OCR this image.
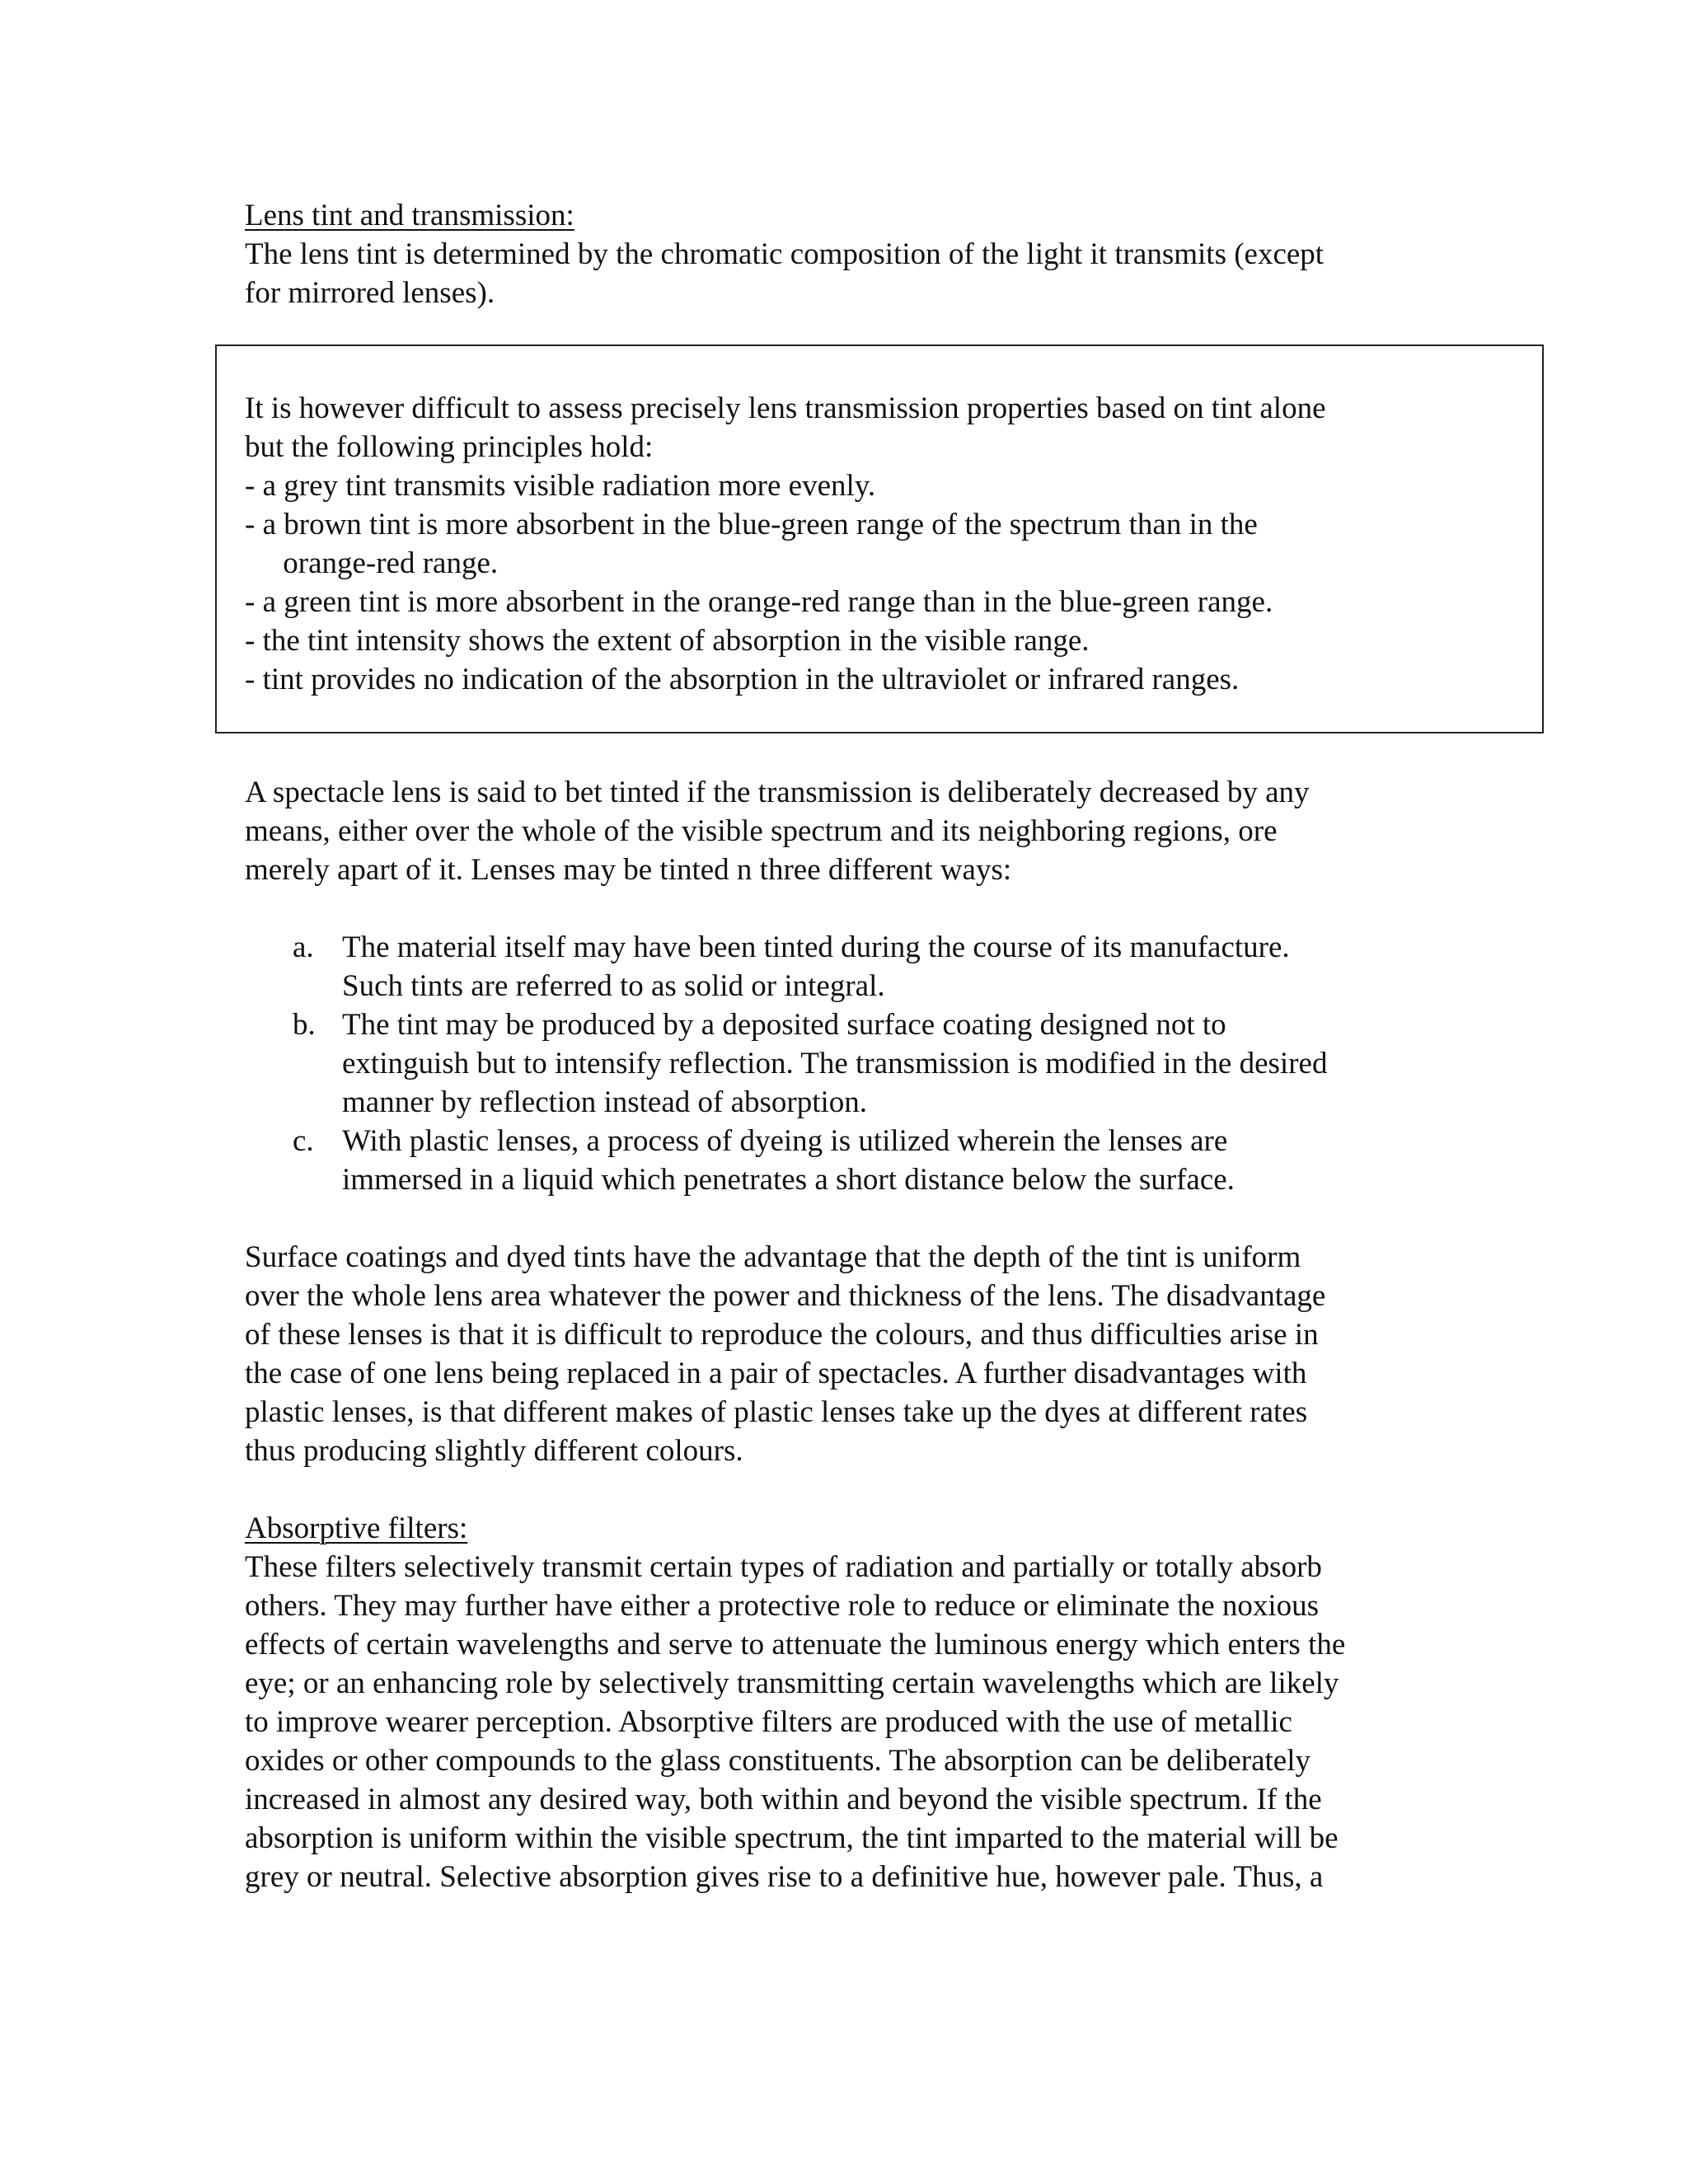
Lens tint and transmission:

The lens tint is determined by the chromatic composition of the light it transmits (except

for mirrored lenses).

It is however difficult to assess precisely lens transmission properties based on tint alone

but the following principles hold:

- a grey tint transmits visible radiation more evenly.

- a brown tint is more absorbent in the blue-green range of the spectrum than in the

orange-red range.

- a green tint is more absorbent in the orange-red range than in the blue-green range.

- the tint intensity shows the extent of absorption in the visible range.

- tint provides no indication of the absorption in the ultraviolet or infrared ranges.

A spectacle lens is said to bet tinted if the transmission is deliberately decreased by any

means, either over the whole of the visible spectrum and its neighboring regions, ore

merely apart of it. Lenses may be tinted n three different ways:

a. The material itself may have been tinted during the course of its manufacture.

Such tints are referred to as solid or integral.

b. The tint may be produced by a deposited surface coating designed not to

extinguish but to intensify reflection. The transmission is modified in the desired

manner by reflection instead of absorption.

c. With plastic lenses, a process of dyeing is utilized wherein the lenses are

immersed in a liquid which penetrates a short distance below the surface.

Surface coatings and dyed tints have the advantage that the depth of the tint is uniform

over the whole lens area whatever the power and thickness of the lens. The disadvantage

of these lenses is that it is difficult to reproduce the colours, and thus difficulties arise in

the case of one lens being replaced in a pair of spectacles. A further disadvantages with

plastic lenses, is that different makes of plastic lenses take up the dyes at different rates

thus producing slightly different colours.

Absorptive filters:

These filters selectively transmit certain types of radiation and partially or totally absorb

others. They may further have either a protective role to reduce or eliminate the noxious

effects of certain wavelengths and serve to attenuate the luminous energy which enters the

eye; or an enhancing role by selectively transmitting certain wavelengths which are likely

to improve wearer perception. Absorptive filters are produced with the use of metallic

oxides or other compounds to the glass constituents. The absorption can be deliberately

increased in almost any desired way, both within and beyond the visible spectrum. If the

absorption is uniform within the visible spectrum, the tint imparted to the material will be

grey or neutral. Selective absorption gives rise to a definitive hue, however pale. Thus, a
